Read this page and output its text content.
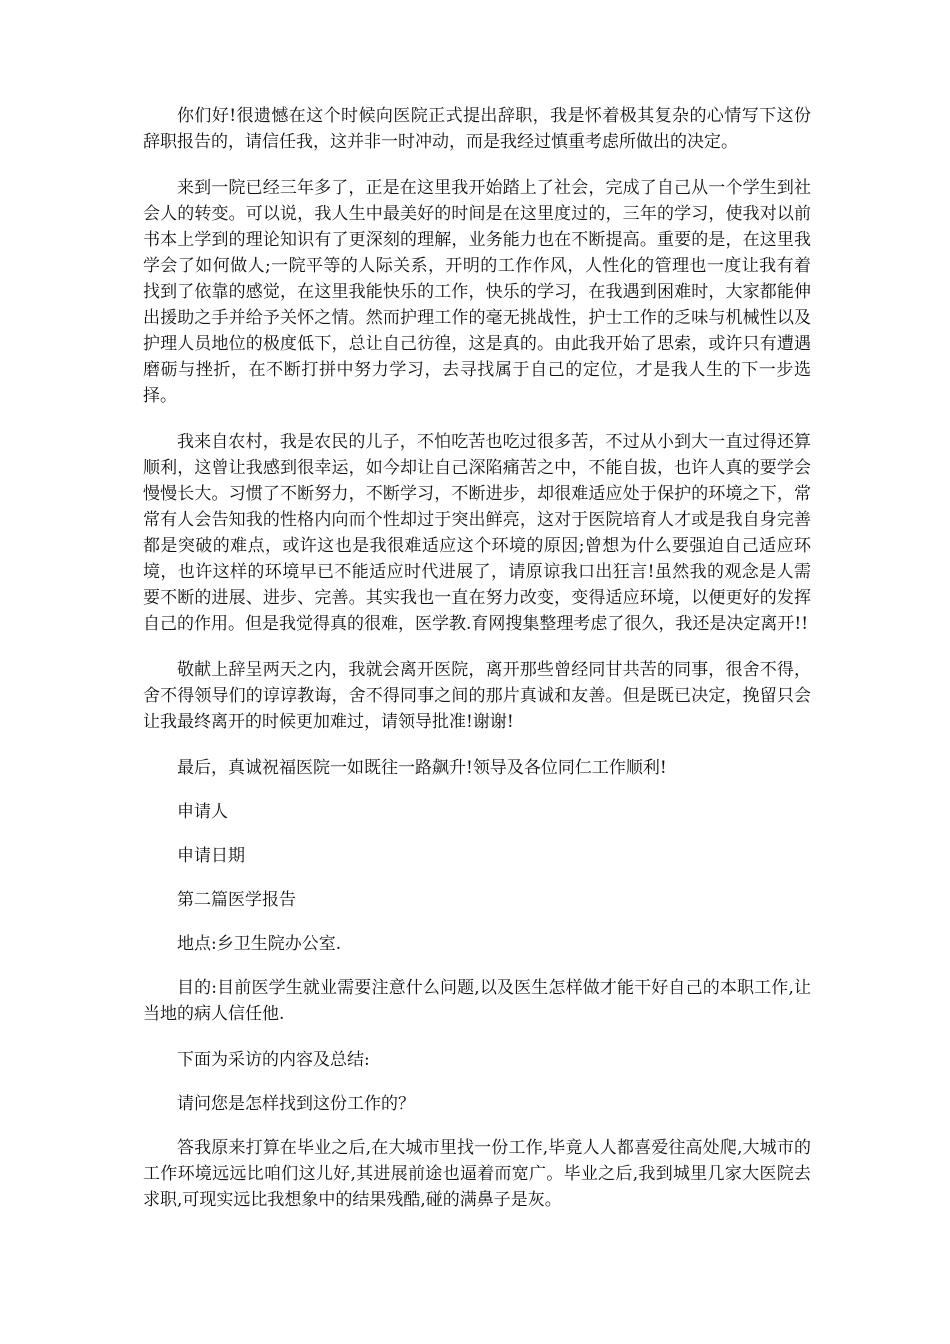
你们好!很遗憾在这个时候向医院正式提出辞职，我是怀着极其复杂的心情写下这份辞职报告的，请信任我，这并非一时冲动，而是我经过慎重考虑所做出的决定。

来到一院已经三年多了，正是在这里我开始踏上了社会，完成了自己从一个学生到社会人的转变。可以说，我人生中最美好的时间是在这里度过的，三年的学习，使我对以前书本上学到的理论知识有了更深刻的理解，业务能力也在不断提高。重要的是，在这里我学会了如何做人;一院平等的人际关系，开明的工作作风，人性化的管理也一度让我有着找到了依靠的感觉，在这里我能快乐的工作，快乐的学习，在我遇到困难时，大家都能伸出援助之手并给予关怀之情。然而护理工作的毫无挑战性，护士工作的乏味与机械性以及护理人员地位的极度低下，总让自己彷徨，这是真的。由此我开始了思索，或许只有遭遇磨砺与挫折，在不断打拼中努力学习，去寻找属于自己的定位，才是我人生的下一步选择。

我来自农村，我是农民的儿子，不怕吃苦也吃过很多苦，不过从小到大一直过得还算顺利，这曾让我感到很幸运，如今却让自己深陷痛苦之中，不能自拔，也许人真的要学会慢慢长大。习惯了不断努力，不断学习，不断进步，却很难适应处于保护的环境之下，常常有人会告知我的性格内向而个性却过于突出鲜亮，这对于医院培育人才或是我自身完善都是突破的难点，或许这也是我很难适应这个环境的原因;曾想为什么要强迫自己适应环境，也许这样的环境早已不能适应时代进展了，请原谅我口出狂言!虽然我的观念是人需要不断的进展、进步、完善。其实我也一直在努力改变，变得适应环境，以便更好的发挥自己的作用。但是我觉得真的很难，医学教.育网搜集整理考虑了很久，我还是决定离开!!

敬献上辞呈两天之内，我就会离开医院，离开那些曾经同甘共苦的同事，很舍不得，舍不得领导们的谆谆教诲，舍不得同事之间的那片真诚和友善。但是既已决定，挽留只会让我最终离开的时候更加难过，请领导批准!谢谢!

最后，真诚祝福医院一如既往一路飙升!领导及各位同仁工作顺利!

申请人

申请日期

第二篇医学报告

地点:乡卫生院办公室.

目的:目前医学生就业需要注意什么问题,以及医生怎样做才能干好自己的本职工作,让当地的病人信任他.

下面为采访的内容及总结:

请问您是怎样找到这份工作的？

答我原来打算在毕业之后,在大城市里找一份工作,毕竟人人都喜爱往高处爬,大城市的工作环境远远比咱们这儿好,其进展前途也逼着而宽广。毕业之后,我到城里几家大医院去求职,可现实远比我想象中的结果残酷,碰的满鼻子是灰。
